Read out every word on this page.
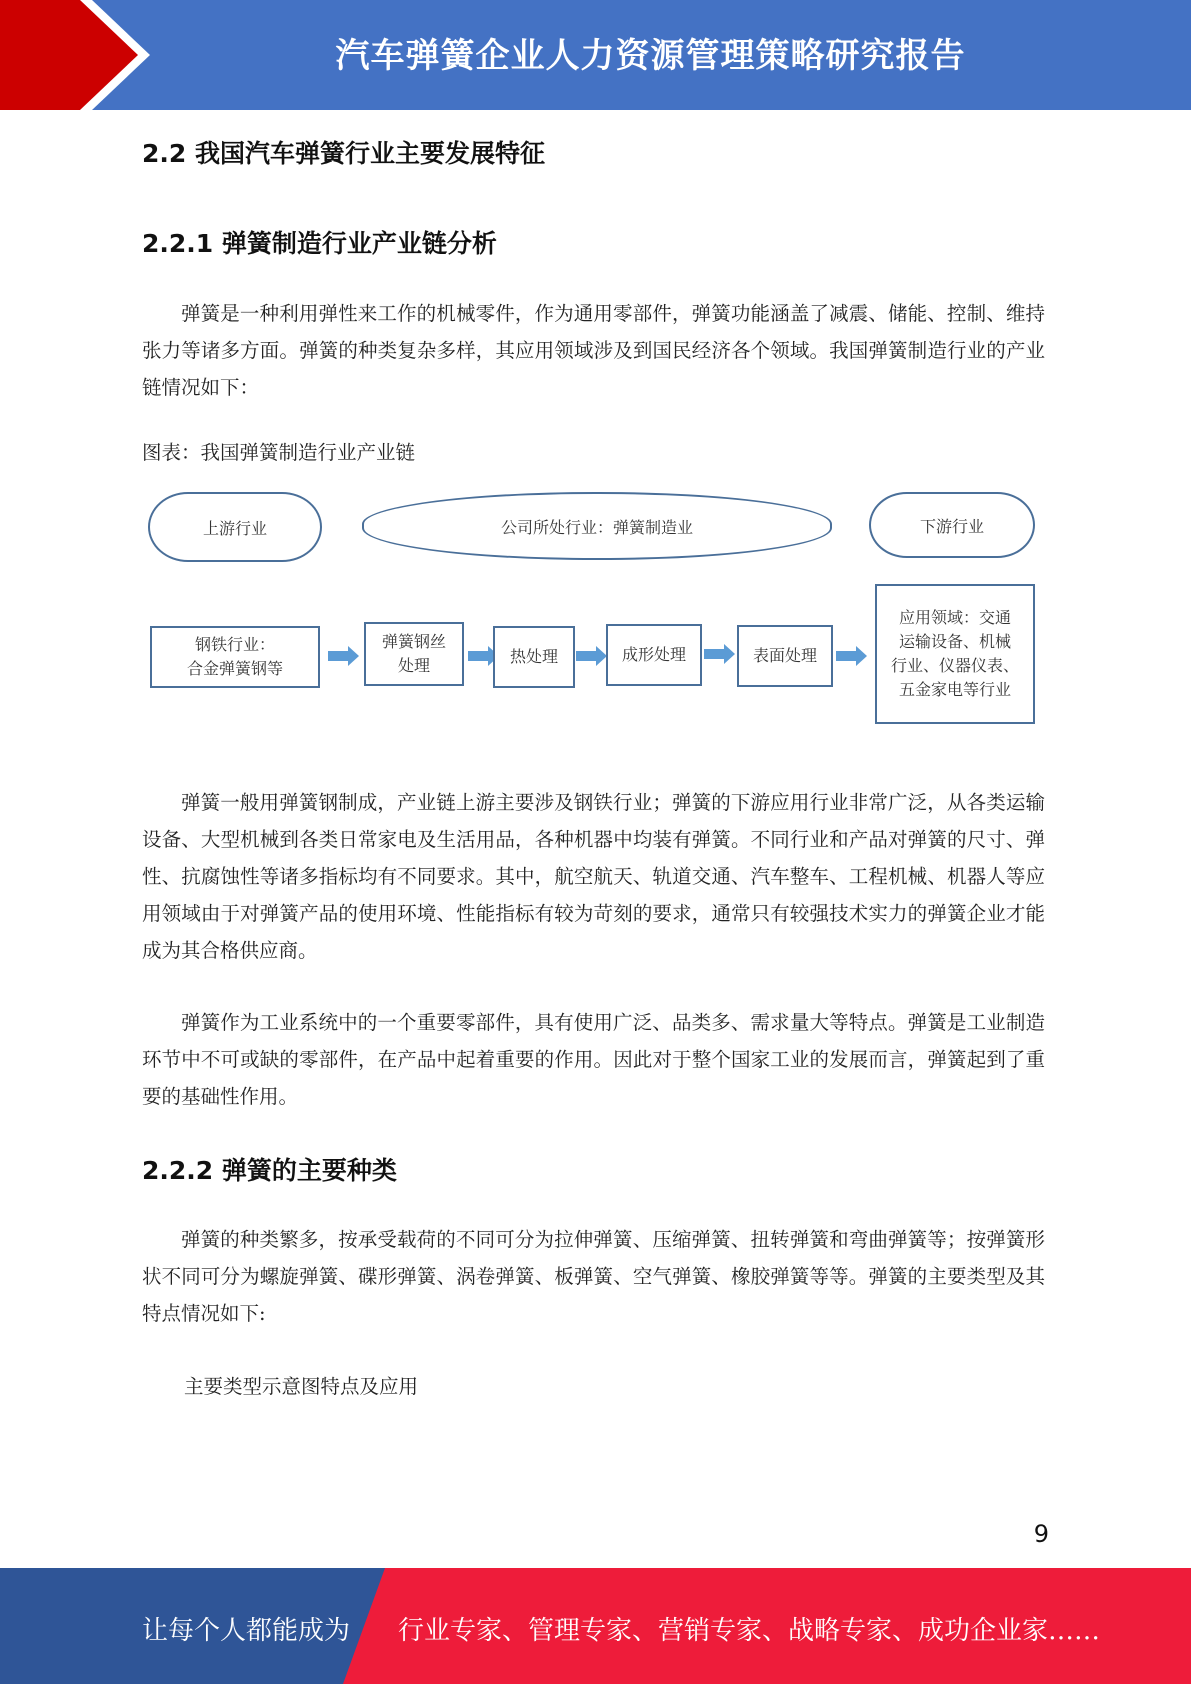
汽车弹簧企业人力资源管理策略研究报告
2.2 我国汽车弹簧行业主要发展特征
2.2.1 弹簧制造行业产业链分析
弹簧是一种利用弹性来工作的机械零件，作为通用零部件，弹簧功能涵盖了减震、储能、控制、维持张力等诸多方面。弹簧的种类复杂多样，其应用领域涉及到国民经济各个领域。我国弹簧制造行业的产业链情况如下：
图表：我国弹簧制造行业产业链
上游行业	公司所处行业：弹簧制造业	下游行业
钢铁行业：
合金弹簧钢等
弹簧钢丝
处理	热处理	成形处理	表面处理
应用领域：交通
运输设备、机械
行业、仪器仪表、
五金家电等行业
弹簧一般用弹簧钢制成，产业链上游主要涉及钢铁行业；弹簧的下游应用行业非常广泛，从各类运输设备、大型机械到各类日常家电及生活用品，各种机器中均装有弹簧。不同行业和产品对弹簧的尺寸、弹性、抗腐蚀性等诸多指标均有不同要求。其中，航空航天、轨道交通、汽车整车、工程机械、机器人等应用领域由于对弹簧产品的使用环境、性能指标有较为苛刻的要求，通常只有较强技术实力的弹簧企业才能成为其合格供应商。
弹簧作为工业系统中的一个重要零部件，具有使用广泛、品类多、需求量大等特点。弹簧是工业制造环节中不可或缺的零部件，在产品中起着重要的作用。因此对于整个国家工业的发展而言，弹簧起到了重要的基础性作用。
2.2.2 弹簧的主要种类
弹簧的种类繁多，按承受载荷的不同可分为拉伸弹簧、压缩弹簧、扭转弹簧和弯曲弹簧等；按弹簧形状不同可分为螺旋弹簧、碟形弹簧、涡卷弹簧、板弹簧、空气弹簧、橡胶弹簧等等。弹簧的主要类型及其特点情况如下:
主要类型示意图特点及应用
9
让每个人都能成为 行业专家、管理专家、营销专家、战略专家、成功企业家……
